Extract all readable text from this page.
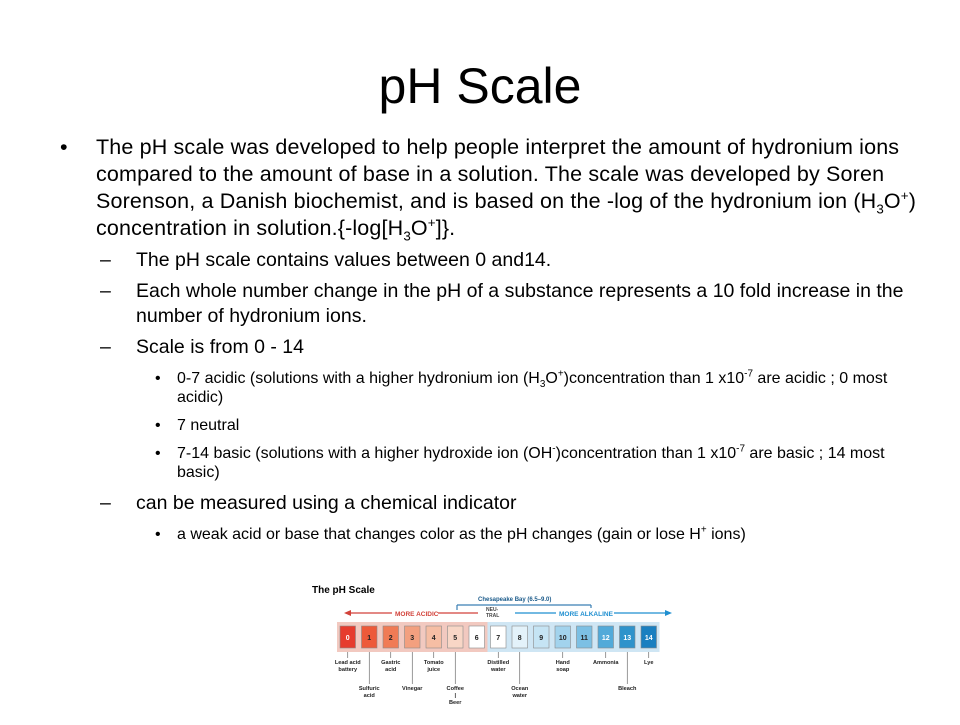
pH Scale
• The pH scale was developed to help people interpret the amount of hydronium ions compared to the amount of base in a solution. The scale was developed by Soren Sorenson, a Danish biochemist, and is based on the -log of the hydronium ion $(H_3O^+)$ concentration in $solution.\{-\log[H_3O^+]\}$.
– The pH scale contains values between 0 and14.
– Each whole number change in the pH of a substance represents a 10 fold increase in the number of hydronium ions.
– Scale is from 0 - 14
• 0-7 acidic (solutions with a higher hydronium ion $(H_3O^+)concentration$ than 1 $x10^{-7}$ are acidic ; 0 most acidic)
• 7 neutral
• 7-14 basic (solutions with a higher hydroxide ion (OH-)concentration than 1 $x10^{-7}$ are basic ; 14 most basic)
– can be measured using a chemical indicator
• a weak acid or base that changes color as the pH changes (gain or lose H+ ions)
The pH Scale
Chesapeake Bay (6.5–9.0)
MORE ACIDIC
NEU-
TRAL	MORE ALKALINE
0	1	2	3	4	5	6	7	8	9 10 11 12 13 14
Lead acid
battery
Gastric
acid
Tomato
juice
Distilled
water
Hand
soap
Ammonia	Lye
Sulfuric
acid
Vinegar	Coffee
|
Beer
Ocean
water
Bleach
